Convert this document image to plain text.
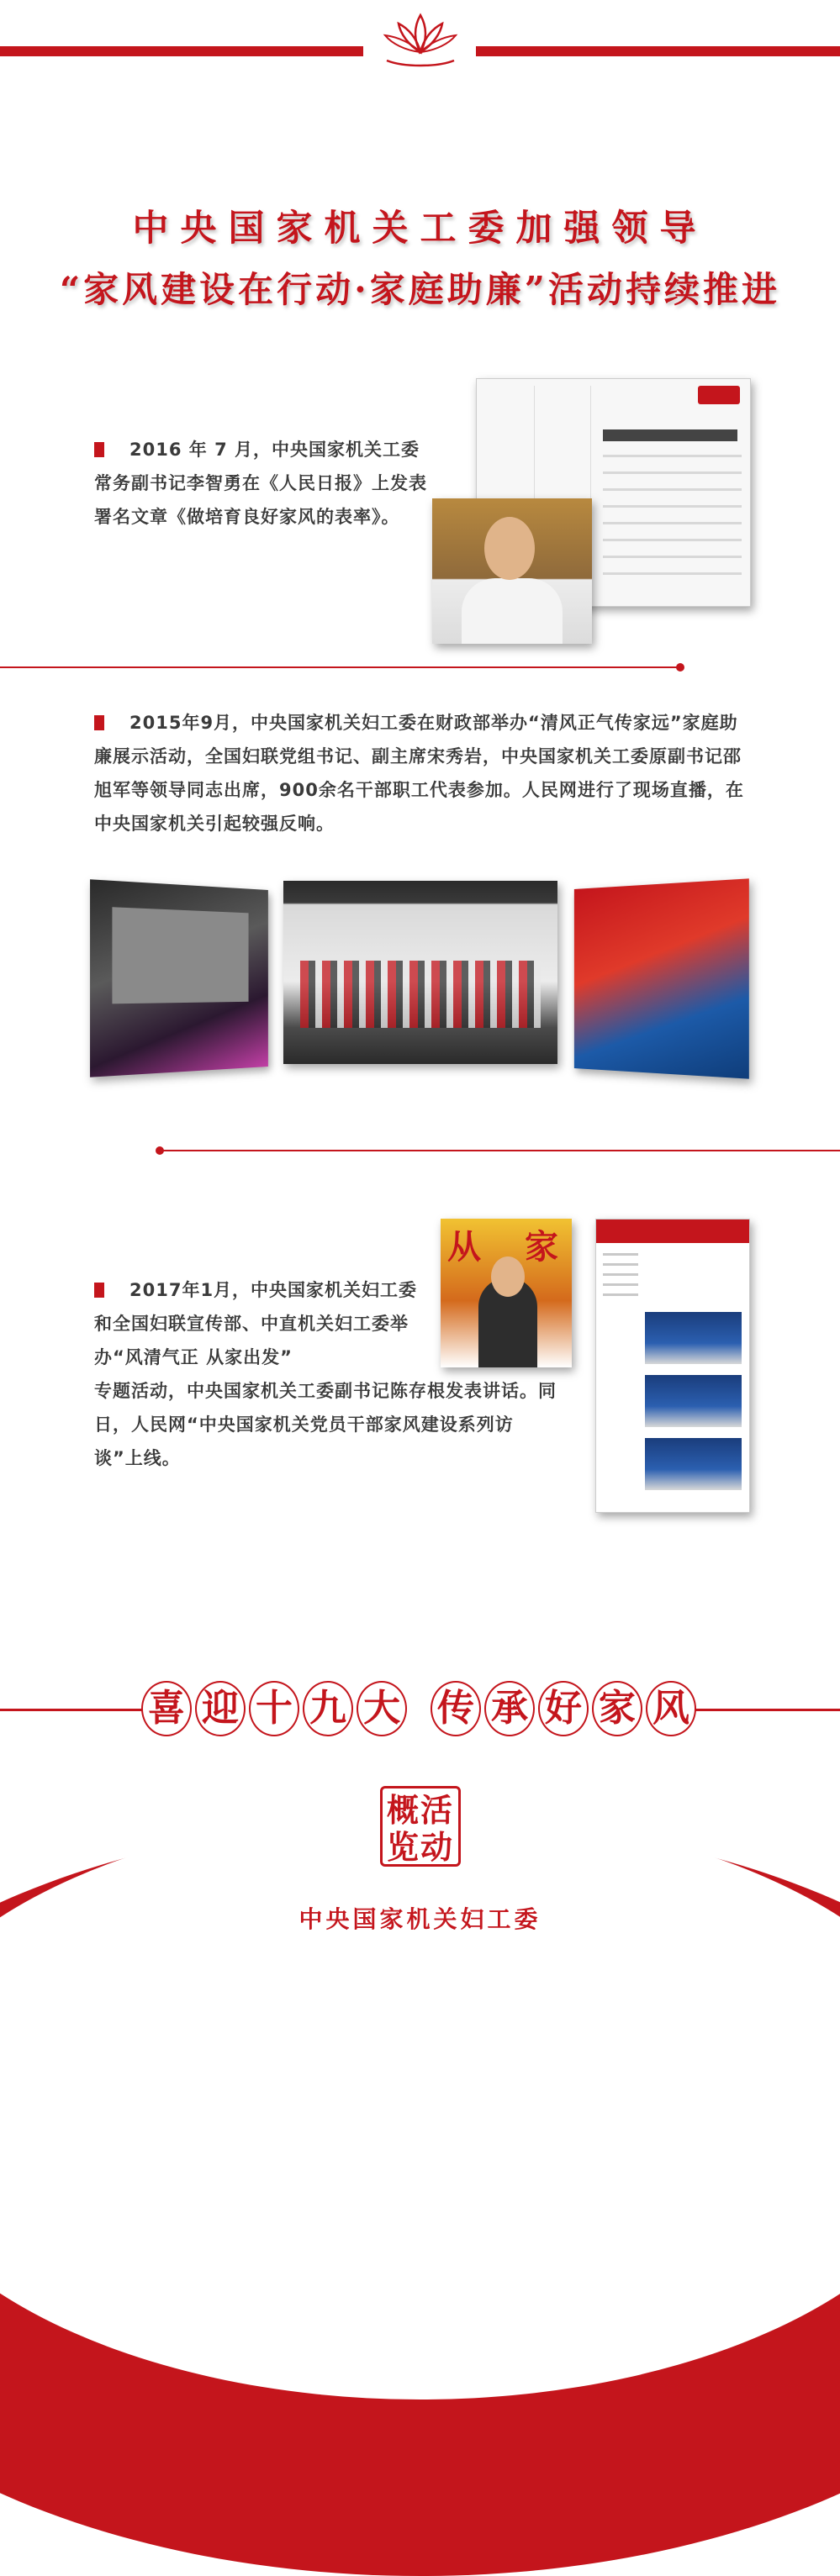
中央国家机关工委加强领导
“家风建设在行动·家庭助廉”活动持续推进
2016 年 7 月，中央国家机关工委常务副书记李智勇在《人民日报》上发表署名文章《做培育良好家风的表率》。
2015年9月，中央国家机关妇工委在财政部举办“清风正气传家远”家庭助廉展示活动，全国妇联党组书记、副主席宋秀岩，中央国家机关工委原副书记邵旭军等领导同志出席，900余名干部职工代表参加。人民网进行了现场直播，在中央国家机关引起较强反响。
2017年1月，中央国家机关妇工委和全国妇联宣传部、中直机关妇工委举办“风清气正 从家出发”
专题活动，中央国家机关工委副书记陈存根发表讲话。同日，人民网“中央国家机关党员干部家风建设系列访谈”上线。
从 家
喜 迎 十 九 大 传 承 好 家 风
概活
览动
中央国家机关妇工委
